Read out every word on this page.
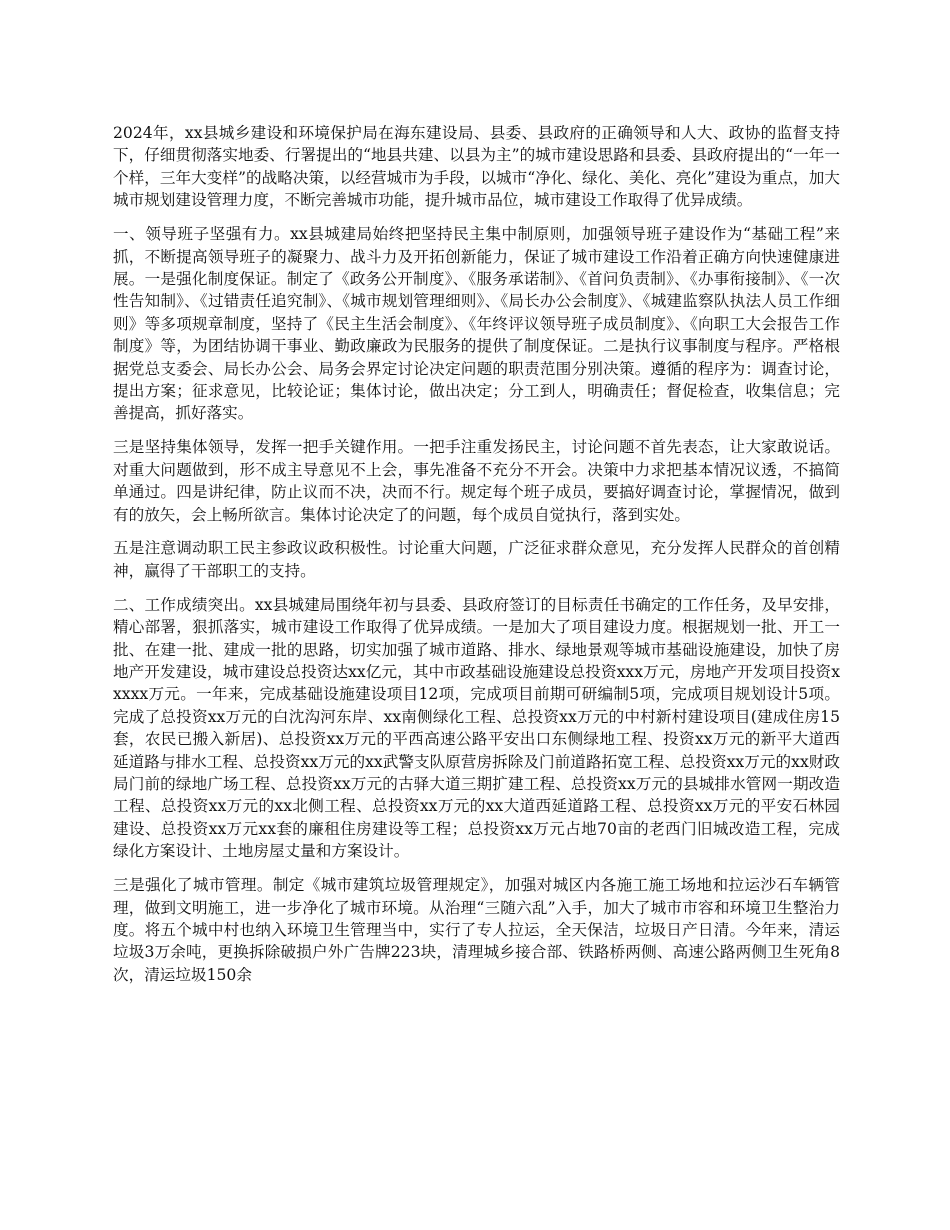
2024年，xx县城乡建设和环境保护局在海东建设局、县委、县政府的正确领导和人大、政协的监督支持下，仔细贯彻落实地委、行署提出的“地县共建、以县为主”的城市建设思路和县委、县政府提出的“一年一个样，三年大变样”的战略决策，以经营城市为手段，以城市“净化、绿化、美化、亮化”建设为重点，加大城市规划建设管理力度，不断完善城市功能，提升城市品位，城市建设工作取得了优异成绩。

一、领导班子坚强有力。xx县城建局始终把坚持民主集中制原则，加强领导班子建设作为“基础工程”来抓，不断提高领导班子的凝聚力、战斗力及开拓创新能力，保证了城市建设工作沿着正确方向快速健康进展。一是强化制度保证。制定了《政务公开制度》、《服务承诺制》、《首问负责制》、《办事衔接制》、《一次性告知制》、《过错责任追究制》、《城市规划管理细则》、《局长办公会制度》、《城建监察队执法人员工作细则》等多项规章制度，坚持了《民主生活会制度》、《年终评议领导班子成员制度》、《向职工大会报告工作制度》等，为团结协调干事业、勤政廉政为民服务的提供了制度保证。二是执行议事制度与程序。严格根据党总支委会、局长办公会、局务会界定讨论决定问题的职责范围分别决策。遵循的程序为：调查讨论，提出方案；征求意见，比较论证；集体讨论，做出决定；分工到人，明确责任；督促检查，收集信息；完善提高，抓好落实。

三是坚持集体领导，发挥一把手关键作用。一把手注重发扬民主，讨论问题不首先表态，让大家敢说话。对重大问题做到，形不成主导意见不上会，事先准备不充分不开会。决策中力求把基本情况议透，不搞简单通过。四是讲纪律，防止议而不决，决而不行。规定每个班子成员，要搞好调查讨论，掌握情况，做到有的放矢，会上畅所欲言。集体讨论决定了的问题，每个成员自觉执行，落到实处。

五是注意调动职工民主参政议政积极性。讨论重大问题，广泛征求群众意见，充分发挥人民群众的首创精神，赢得了干部职工的支持。

二、工作成绩突出。xx县城建局围绕年初与县委、县政府签订的目标责任书确定的工作任务，及早安排，精心部署，狠抓落实，城市建设工作取得了优异成绩。一是加大了项目建设力度。根据规划一批、开工一批、在建一批、建成一批的思路，切实加强了城市道路、排水、绿地景观等城市基础设施建设，加快了房地产开发建设，城市建设总投资达xx亿元，其中市政基础设施建设总投资xxx万元，房地产开发项目投资xxxxx万元。一年来，完成基础设施建设项目12项，完成项目前期可研编制5项，完成项目规划设计5项。完成了总投资xx万元的白沈沟河东岸、xx南侧绿化工程、总投资xx万元的中村新村建设项目(建成住房15套，农民已搬入新居)、总投资xx万元的平西高速公路平安出口东侧绿地工程、投资xx万元的新平大道西延道路与排水工程、总投资xx万元的xx武警支队原营房拆除及门前道路拓宽工程、总投资xx万元的xx财政局门前的绿地广场工程、总投资xx万元的古驿大道三期扩建工程、总投资xx万元的县城排水管网一期改造工程、总投资xx万元的xx北侧工程、总投资xx万元的xx大道西延道路工程、总投资xx万元的平安石林园建设、总投资xx万元xx套的廉租住房建设等工程；总投资xx万元占地70亩的老西门旧城改造工程，完成绿化方案设计、土地房屋丈量和方案设计。

三是强化了城市管理。制定《城市建筑垃圾管理规定》，加强对城区内各施工施工场地和拉运沙石车辆管理，做到文明施工，进一步净化了城市环境。从治理“三随六乱”入手，加大了城市市容和环境卫生整治力度。将五个城中村也纳入环境卫生管理当中，实行了专人拉运，全天保洁，垃圾日产日清。今年来，清运垃圾3万余吨，更换拆除破损户外广告牌223块，清理城乡接合部、铁路桥两侧、高速公路两侧卫生死角8次，清运垃圾150余
